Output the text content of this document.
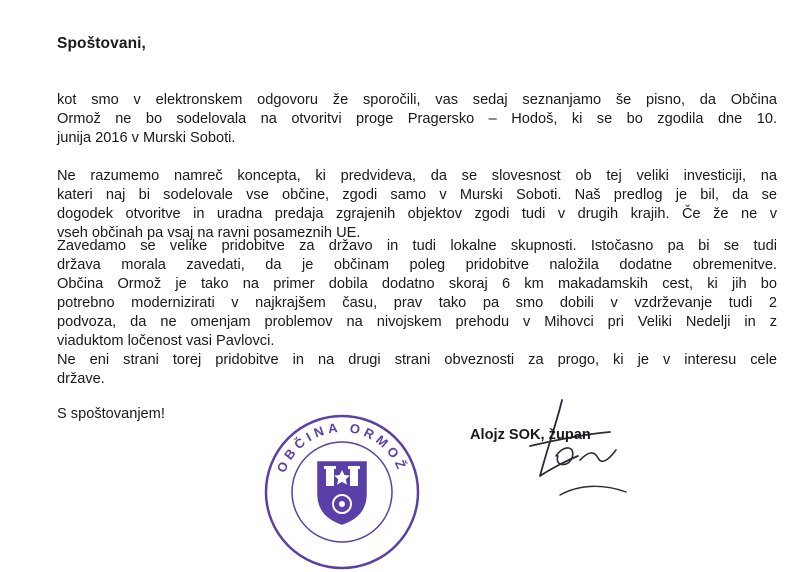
Spoštovani,
kot smo v elektronskem odgovoru že sporočili, vas sedaj seznanjamo še pisno, da Občina
Ormož ne bo sodelovala na otvoritvi proge Pragersko – Hodoš, ki se bo zgodila dne 10.
junija 2016 v Murski Soboti.
Ne razumemo namreč koncepta, ki predvideva, da se slovesnost ob tej veliki investiciji, na
kateri naj bi sodelovale vse občine, zgodi samo v Murski Soboti. Naš predlog je bil, da se
dogodek otvoritve in uradna predaja zgrajenih objektov zgodi tudi v drugih krajih. Če že ne v
vseh občinah pa vsaj na ravni posameznih UE.
Zavedamo se velike pridobitve za državo in tudi lokalne skupnosti. Istočasno pa bi se tudi
država morala zavedati, da je občinam poleg pridobitve naložila dodatne obremenitve.
Občina Ormož je tako na primer dobila dodatno skoraj 6 km makadamskih cest, ki jih bo
potrebno modernizirati v najkrajšem času, prav tako pa smo dobili v vzdrževanje tudi 2
podvoza, da ne omenjam problemov na nivojskem prehodu v Mihovci pri Veliki Nedelji in z
viaduktom ločenost vasi Pavlovci.
Ne eni strani torej pridobitve in na drugi strani obveznosti za progo, ki je v interesu cele
države.
S spoštovanjem!
OBČINA ORMOŽ
Alojz SOK, župan
